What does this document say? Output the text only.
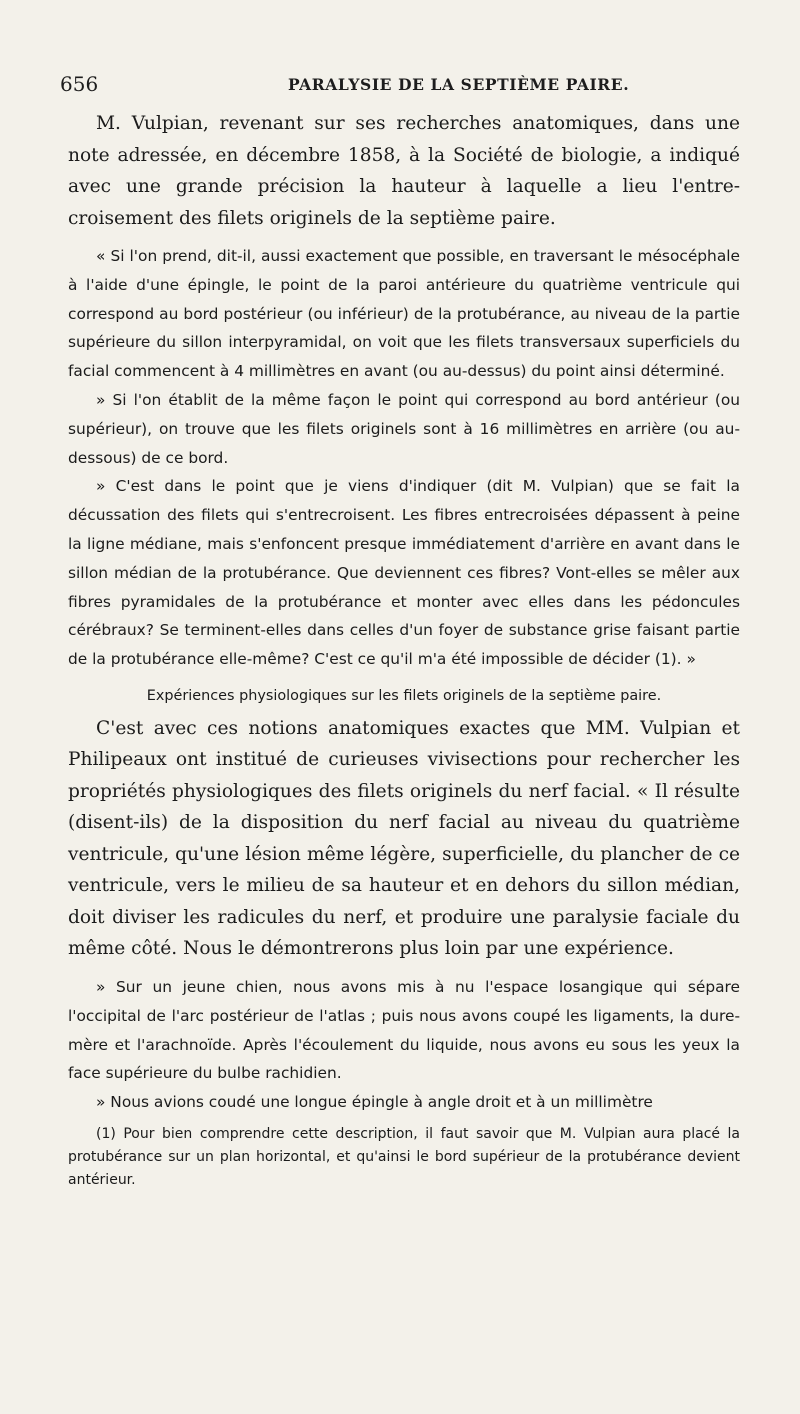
656	PARALYSIE DE LA SEPTIÈME PAIRE.

M. Vulpian, revenant sur ses recherches anatomiques, dans une note adressée, en décembre 1858, à la Société de biologie, a indiqué avec une grande précision la hauteur à laquelle a lieu l'entre-croisement des filets originels de la septième paire.

« Si l'on prend, dit-il, aussi exactement que possible, en traversant le mésocéphale à l'aide d'une épingle, le point de la paroi antérieure du quatrième ventricule qui correspond au bord postérieur (ou inférieur) de la protubérance, au niveau de la partie supérieure du sillon interpyramidal, on voit que les filets transversaux superficiels du facial commencent à 4 millimètres en avant (ou au-dessus) du point ainsi déterminé.

» Si l'on établit de la même façon le point qui correspond au bord antérieur (ou supérieur), on trouve que les filets originels sont à 16 millimètres en arrière (ou au-dessous) de ce bord.

» C'est dans le point que je viens d'indiquer (dit M. Vulpian) que se fait la décussation des filets qui s'entrecroisent. Les fibres entrecroisées dépassent à peine la ligne médiane, mais s'enfoncent presque immédiatement d'arrière en avant dans le sillon médian de la protubérance. Que deviennent ces fibres? Vont-elles se mêler aux fibres pyramidales de la protubérance et monter avec elles dans les pédoncules cérébraux? Se terminent-elles dans celles d'un foyer de substance grise faisant partie de la protubérance elle-même? C'est ce qu'il m'a été impossible de décider (1). »

Expériences physiologiques sur les filets originels de la septième paire.

C'est avec ces notions anatomiques exactes que MM. Vulpian et Philipeaux ont institué de curieuses vivisections pour rechercher les propriétés physiologiques des filets originels du nerf facial. « Il résulte (disent-ils) de la disposition du nerf facial au niveau du quatrième ventricule, qu'une lésion même légère, superficielle, du plancher de ce ventricule, vers le milieu de sa hauteur et en dehors du sillon médian, doit diviser les radicules du nerf, et produire une paralysie faciale du même côté. Nous le démontrerons plus loin par une expérience.

» Sur un jeune chien, nous avons mis à nu l'espace losangique qui sépare l'occipital de l'arc postérieur de l'atlas ; puis nous avons coupé les ligaments, la dure-mère et l'arachnoïde. Après l'écoulement du liquide, nous avons eu sous les yeux la face supérieure du bulbe rachidien.

» Nous avions coudé une longue épingle à angle droit et à un millimètre

(1) Pour bien comprendre cette description, il faut savoir que M. Vulpian aura placé la protubérance sur un plan horizontal, et qu'ainsi le bord supérieur de la protubérance devient antérieur.
